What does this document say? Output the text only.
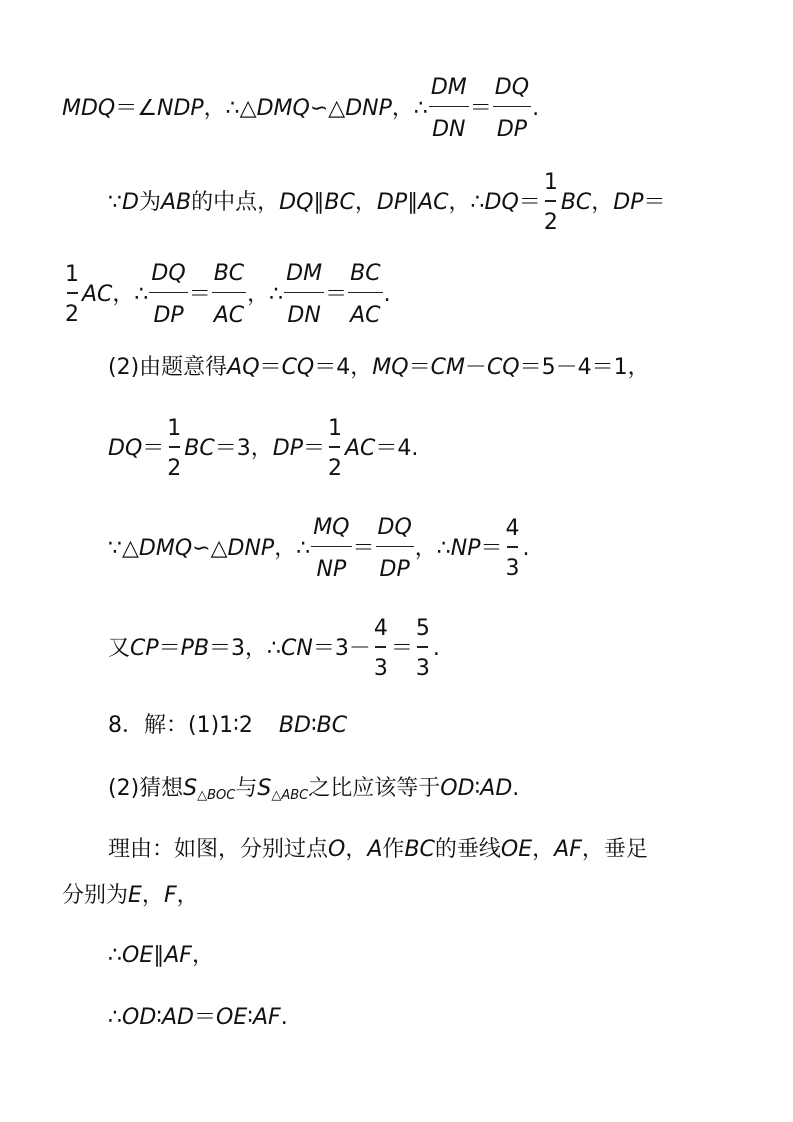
MDQ ＝∠ NDP ，∴△ DMQ ∽△ DNP ，∴ $\frac{DM}{DN} = \frac{DQ}{DP}$ .
∵ D 为 AB 的中点， DQ ∥ BC ， DP ∥ AC ，∴ DQ ＝ $\frac{1}{2}$ BC ， DP ＝
$\frac{1}{2}$ AC ，∴ $\frac{DQ}{DP} = \frac{BC}{AC}$ ，∴ $\frac{DM}{DN} = \frac{BC}{AC}$ .
(2)由题意得 AQ ＝ CQ ＝4， MQ ＝ CM － CQ ＝5－4＝1，
DQ ＝ $\frac{1}{2}$ BC ＝3， DP ＝ $\frac{1}{2}$ AC ＝4.
∵△ DMQ ∽△ DNP ，∴ $\frac{MQ}{NP} = \frac{DQ}{DP}$ ，∴ NP ＝ $\frac{4}{3}$ .
又 CP ＝ PB ＝3，∴ CN $=3- \frac{4}{3} = \frac{5}{3}$ .
8．解：(1)1∶2 BD ∶ BC
(2)猜想 S △BOC 与 S △ABC 之比应该等于 OD ∶ AD .
理由：如图，分别过点 O ， A 作 BC 的垂线 OE ， AF ，垂足
分别为 E ， F ，
∴ OE ∥ AF ，
∴ OD ∶ AD ＝ OE ∶ AF .
